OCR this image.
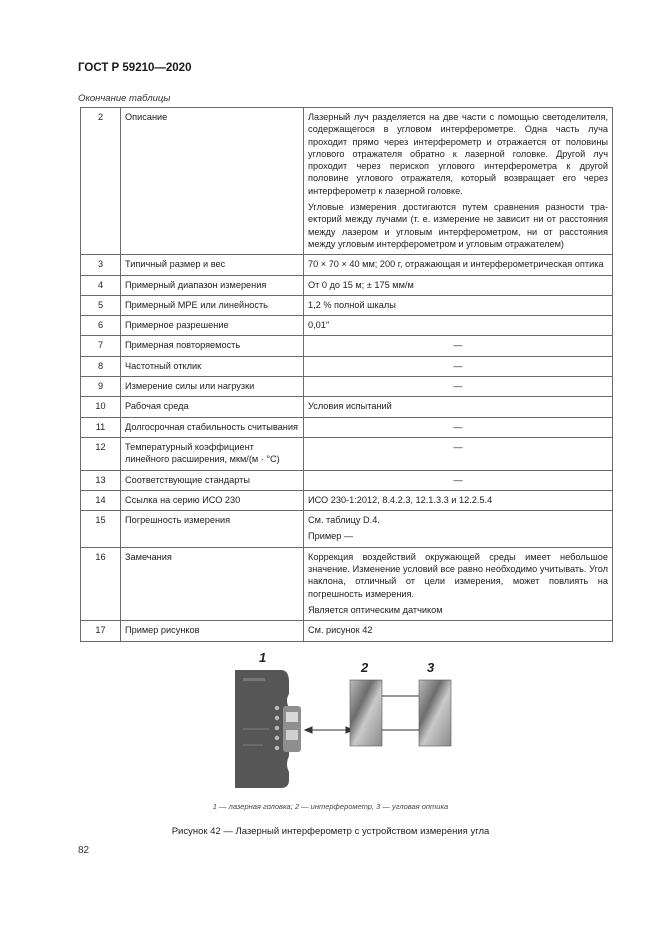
ГОСТ Р 59210—2020
Окончание таблицы
2	Описание	Лазерный луч разделяется на две части с помощью светоделителя, содержащегося в угловом интерферометре. Одна часть луча проходит прямо через интерферометр и отражается от половины углового отражателя обратно к лазерной головке. Другой луч проходит через перископ углового интерферометра к другой половине углового отражателя, который возвращает его через интерферометр к лазерной головке.
Угловые измерения достигаются путем сравнения разности траекторий между лучами (т. е. измерение не зависит ни от расстояния между лазером и угловым интерферометром, ни от расстояния между угловым интерферометром и угловым отражателем)

3	Типичный размер и вес	70 × 70 × 40 мм; 200 г, отражающая и интерферометрическая оптика

4	Примерный диапазон измерения	От 0 до 15 м; ± 175 мм/м

5	Примерный MPE или линейность	1,2 % полной шкалы

6	Примерное разрешение	0,01″

7	Примерная повторяемость	—

8	Частотный отклик	—

9	Измерение силы или нагрузки	—

10	Рабочая среда	Условия испытаний

11	Долгосрочная стабильность считывания	—

12	Температурный коэффициент линейного расширения, мкм/(м · °С)	—

13	Соответствующие стандарты	—

14	Ссылка на серию ИСО 230	ИСО 230-1:2012, 8.4.2.3, 12.1.3.3 и 12.2.5.4

15	Погрешность измерения	См. таблицу D.4.
Пример —

16	Замечания	Коррекция воздействий окружающей среды имеет небольшое значение. Изменение условий все равно необходимо учитывать. Угол наклона, отличный от цели измерения, может повлиять на погрешность измерения.
Является оптическим датчиком

17	Пример рисунков	См. рисунок 42
1
2	3
1 — лазерная головка; 2 — интерферометр, 3 — угловая оптика
Рисунок 42 — Лазерный интерферометр с устройством измерения угла
82
